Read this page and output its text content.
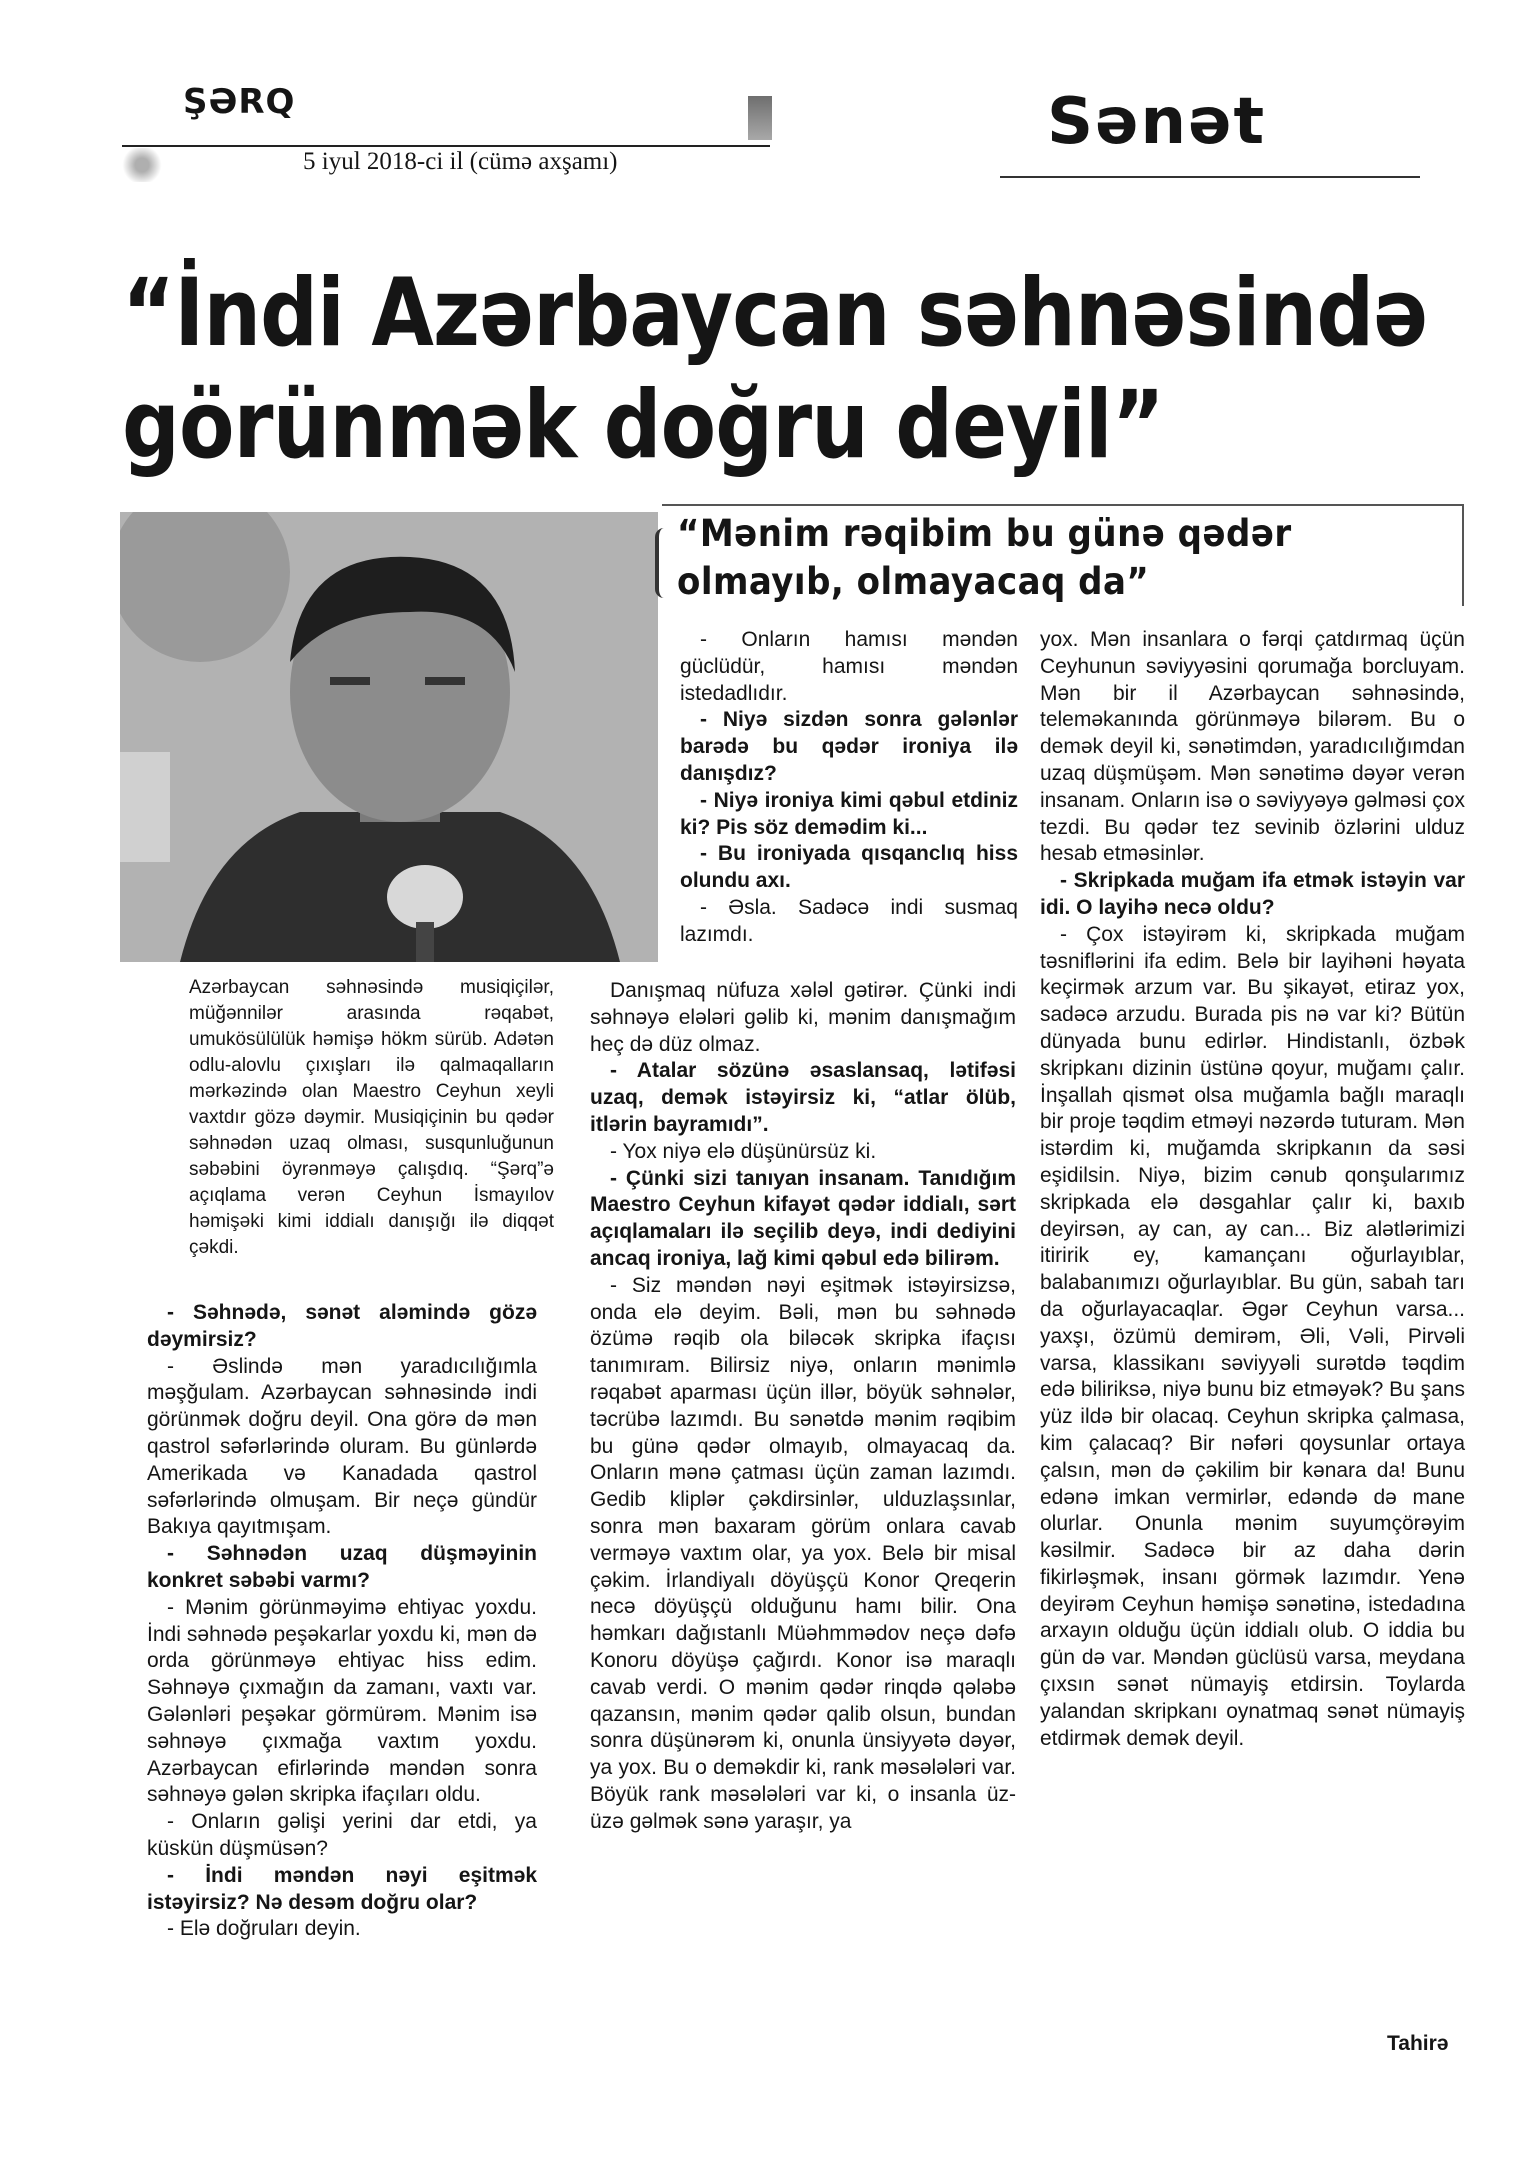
ŞƏRQ
5 iyul 2018-ci il (cümə axşamı)
Sənət
“İndi Azərbaycan səhnəsində
görünmək doğru deyil”
Azərbaycan səhnəsində musiqiçilər, müğənnilər arasında rəqabət, umukösülülük həmişə hökm sürüb. Adətən odlu-alovlu çıxışları ilə qalmaqalların mərkəzində olan Maestro Ceyhun xeyli vaxtdır gözə dəymir. Musiqiçinin bu qədər səhnədən uzaq olması, susqunluğunun səbəbini öyrənməyə çalışdıq. “Şərq”ə açıqlama verən Ceyhun İsmayılov həmişəki kimi iddialı danışığı ilə diqqət çəkdi.
“Mənim rəqibim bu günə qədər
olmayıb, olmayacaq da”

- Səhnədə, sənət aləmində gözə dəymirsiz?

- Əslində mən yaradıcılığımla məşğulam. Azərbaycan səhnəsində indi görünmək doğru deyil. Ona görə də mən qastrol səfərlərində oluram. Bu günlərdə Amerikada və Kanadada qastrol səfərlərində olmuşam. Bir neçə gündür Bakıya qayıtmışam.

- Səhnədən uzaq düşməyinin konkret səbəbi varmı?

- Mənim görünməyimə ehtiyac yoxdu. İndi səhnədə peşəkarlar yoxdu ki, mən də orda görünməyə ehtiyac hiss edim. Səhnəyə çıxmağın da zamanı, vaxtı var. Gələnləri peşəkar görmürəm. Mənim isə səhnəyə çıxmağa vaxtım yoxdu. Azərbaycan efirlərində məndən sonra səhnəyə gələn skripka ifaçıları oldu.

- Onların gəlişi yerini dar etdi, ya küskün düşmüsən?

- İndi məndən nəyi eşitmək istəyirsiz? Nə desəm doğru olar?

- Elə doğruları deyin.

- Onların hamısı məndən güclüdür, hamısı məndən istedadlıdır.

- Niyə sizdən sonra gələnlər barədə bu qədər ironiya ilə danışdız?

- Niyə ironiya kimi qəbul etdiniz ki? Pis söz demədim ki...

- Bu ironiyada qısqanclıq hiss olundu axı.

- Əslа. Sadəcə indi susmaq lazımdı.

Danışmaq nüfuza xələl gətirər. Çünki indi səhnəyə elələri gəlib ki, mənim danışmağım heç də düz olmaz.

- Atalar sözünə əsaslansaq, lətifəsi uzaq, demək istəyirsiz ki, “atlar ölüb, itlərin bayramıdı”.

- Yox niyə elə düşünürsüz ki.

- Çünki sizi tanıyan insanam. Tanıdığım Maestro Ceyhun kifayət qədər iddialı, sərt açıqlamaları ilə seçilib deyə, indi dediyini ancaq ironiya, lağ kimi qəbul edə bilirəm.

- Siz məndən nəyi eşitmək istəyirsizsə, onda elə deyim. Bəli, mən bu səhnədə özümə rəqib ola biləcək skripka ifaçısı tanımıram. Bilirsiz niyə, onların mənimlə rəqabət aparması üçün illər, böyük səhnələr, təcrübə lazımdı. Bu sənətdə mənim rəqibim bu günə qədər olmayıb, olmayacaq da. Onların mənə çatması üçün zaman lazımdı. Gedib kliplər çəkdirsinlər, ulduzlaşsınlar, sonra mən baxaram görüm onlara cavab verməyə vaxtım olar, ya yox. Belə bir misal çəkim. İrlandiyalı döyüşçü Konor Qreqerin necə döyüşçü olduğunu hamı bilir. Ona həmkarı dağıstanlı Müəhmmədov neçə dəfə Konoru döyüşə çağırdı. Konor isə maraqlı cavab verdi. O mənim qədər rinqdə qələbə qazansın, mənim qədər qalib olsun, bundan sonra düşünərəm ki, onunla ünsiyyətə dəyər, ya yox. Bu o deməkdir ki, rank məsələləri var. Böyük rank məsələləri var ki, o insanla üz-üzə gəlmək sənə yaraşır, ya

yox. Mən insanlara o fərqi çatdırmaq üçün Ceyhunun səviyyəsini qorumağa borcluyam. Mən bir il Azərbaycan səhnəsində, teleməkanında görünməyə bilərəm. Bu o demək deyil ki, sənətimdən, yaradıcılığımdan uzaq düşmüşəm. Mən sənətimə dəyər verən insanam. Onların isə o səviyyəyə gəlməsi çox tezdi. Bu qədər tez sevinib özlərini ulduz hesab etməsinlər.

- Skripkada muğam ifa etmək istəyin var idi. O layihə necə oldu?

- Çox istəyirəm ki, skripkada muğam təsniflərini ifa edim. Belə bir layihəni həyata keçirmək arzum var. Bu şikayət, etiraz yox, sadəcə arzudu. Burada pis nə var ki? Bütün dünyada bunu edirlər. Hindistanlı, özbək skripkanı dizinin üstünə qoyur, muğamı çalır. İnşallah qismət olsa muğamla bağlı maraqlı bir proje təqdim etməyi nəzərdə tuturam. Mən istərdim ki, muğamda skripkanın da səsi eşidilsin. Niyə, bizim cənub qonşularımız skripkada elə dəsgahlar çalır ki, baxıb deyirsən, ay can, ay can... Biz alətlərimizi itiririk ey, kamançanı oğurlayıblar, balabanımızı oğurlayıblar. Bu gün, sabah tarı da oğurlayacaqlar. Əgər Ceyhun varsa... yaxşı, özümü demirəm, Əli, Vəli, Pirvəli varsa, klassikanı səviyyəli surətdə təqdim edə biliriksə, niyə bunu biz etməyək? Bu şans yüz ildə bir olacaq. Ceyhun skripka çalmasa, kim çalacaq? Bir nəfəri qoysunlar ortaya çalsın, mən də çəkilim bir kənara da! Bunu edənə imkan vermirlər, edəndə də mane olurlar. Onunla mənim suyumçörəyim kəsilmir. Sadəcə bir az daha dərin fikirləşmək, insanı görmək lazımdır. Yenə deyirəm Ceyhun həmişə sənətinə, istedadına arxayın olduğu üçün iddialı olub. O iddia bu gün də var. Məndən güclüsü varsa, meydana çıxsın sənət nümayiş etdirsin. Toylarda yalandan skripkanı oynatmaq sənət nümayiş etdirmək demək deyil.

Tahirə
